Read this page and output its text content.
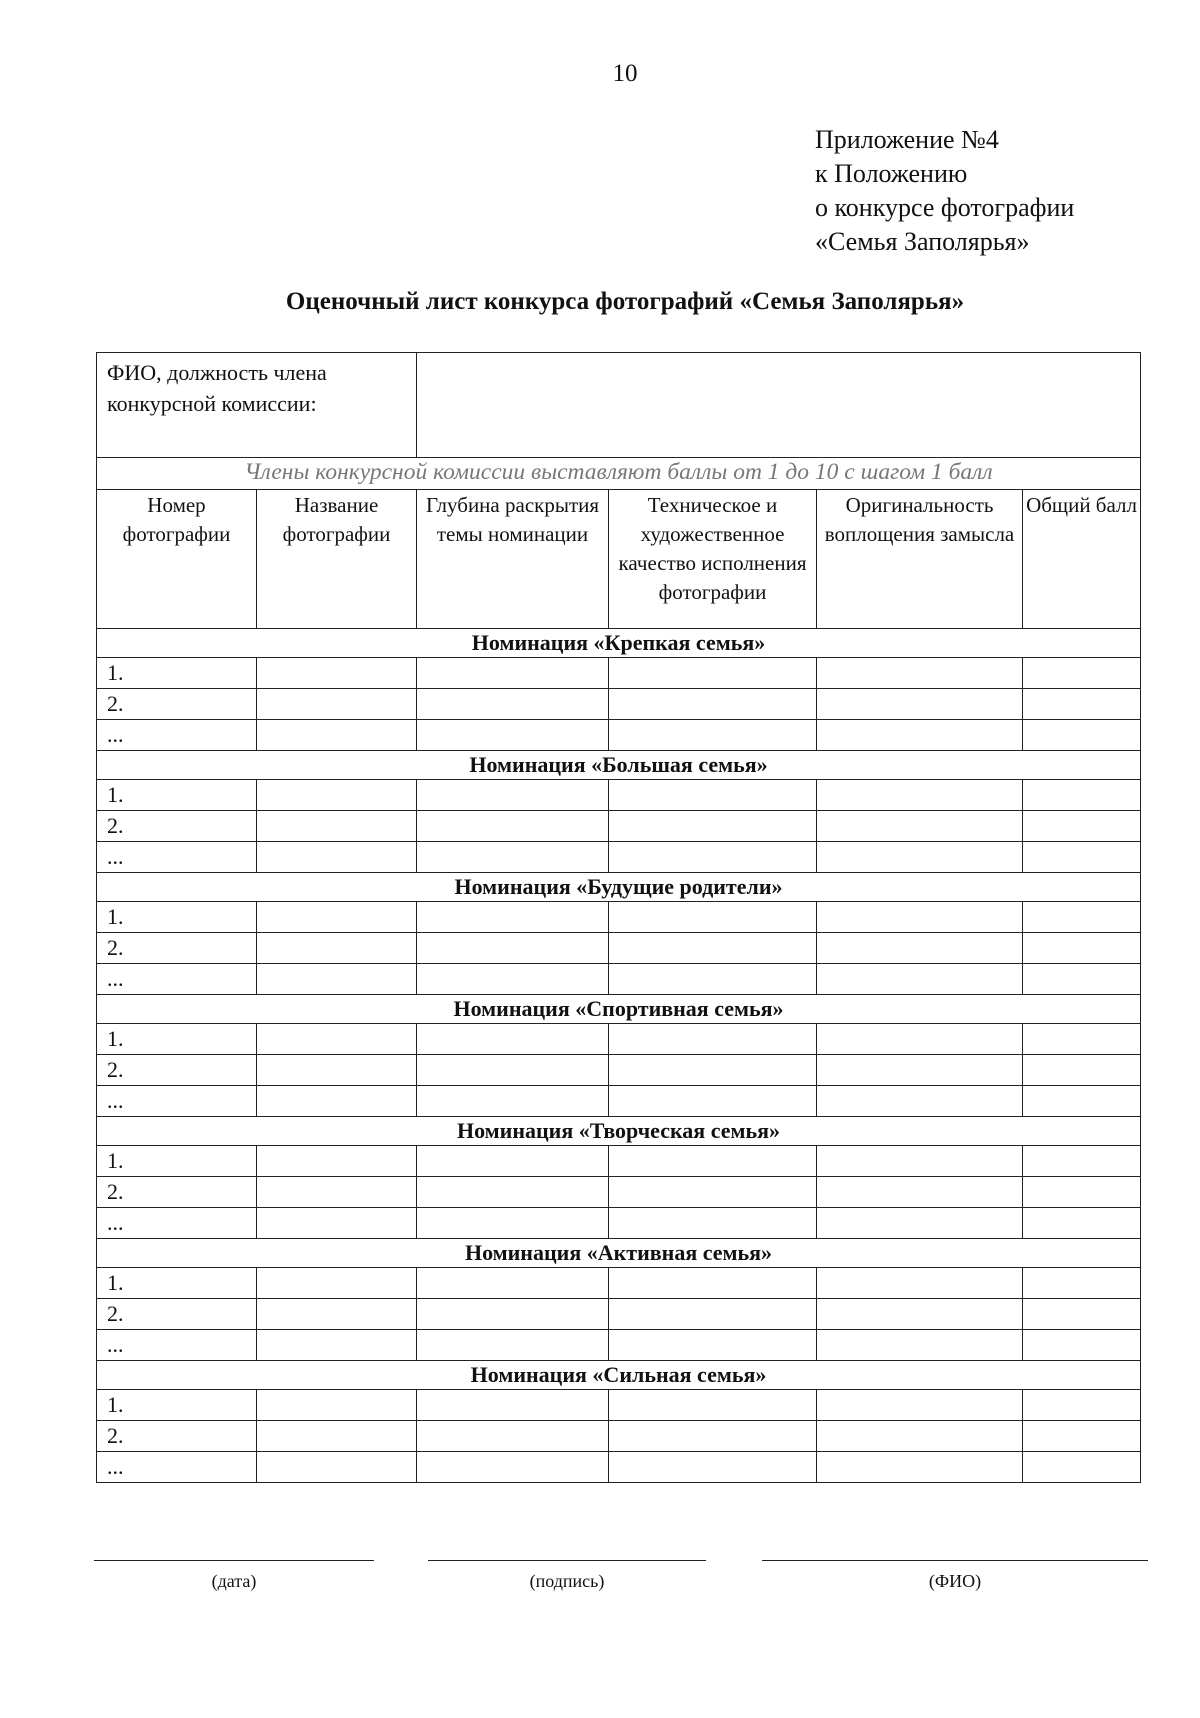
10
Приложение №4
к Положению
о конкурсе фотографии
«Семья Заполярья»
Оценочный лист конкурса фотографий «Семья Заполярья»
ФИО, должность члена конкурсной комиссии:					
Члены конкурсной комиссии выставляют баллы от 1 до 10 с шагом 1 балл					
Номер фотографии	Название фотографии	Глубина раскрытия темы номинации	Техническое и художественное качество исполнения фотографии	Оригинальность воплощения замысла	Общий балл
Номинация «Крепкая семья»					
1.					
2.					
...					
Номинация «Большая семья»					
1.					
2.					
...					
Номинация «Будущие родители»					
1.					
2.					
...					
Номинация «Спортивная семья»					
1.					
2.					
...					
Номинация «Творческая семья»					
1.					
2.					
...					
Номинация «Активная семья»					
1.					
2.					
...					
Номинация «Сильная семья»					
1.					
2.					
...					
(дата)	(подпись)	(ФИО)
